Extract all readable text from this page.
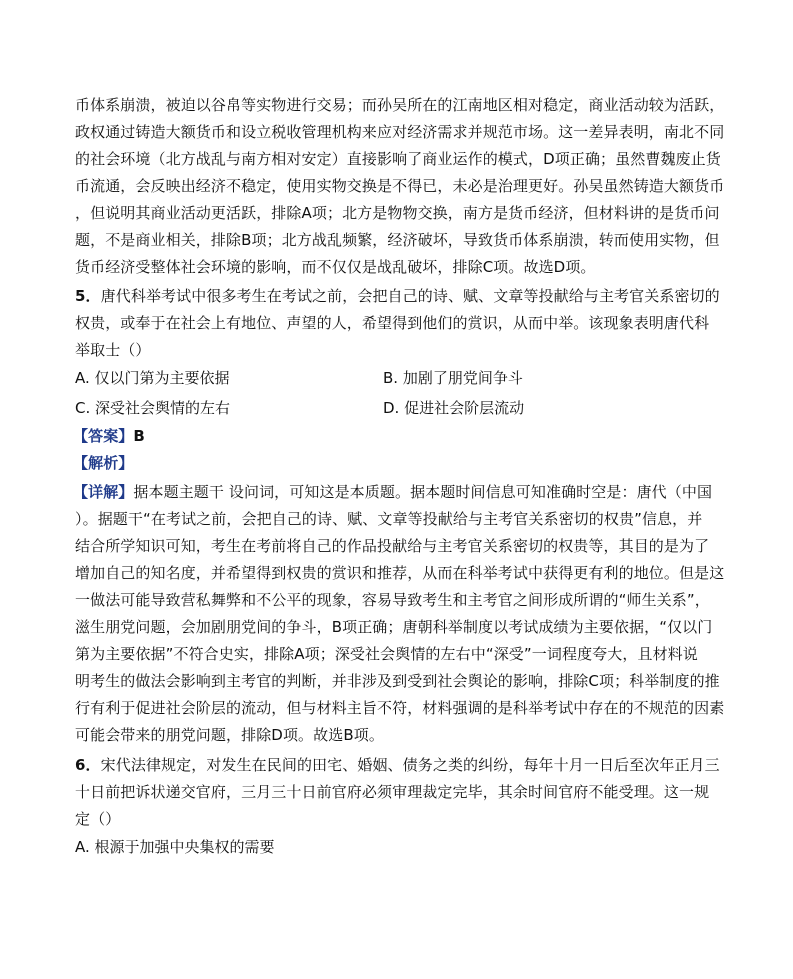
币体系崩溃，被迫以谷帛等实物进行交易；而孙吴所在的江南地区相对稳定，商业活动较为活跃，
政权通过铸造大额货币和设立税收管理机构来应对经济需求并规范市场。这一差异表明，南北不同
的社会环境（北方战乱与南方相对安定）直接影响了商业运作的模式，D项正确；虽然曹魏废止货
币流通，会反映出经济不稳定，使用实物交换是不得已，未必是治理更好。孙吴虽然铸造大额货币
，但说明其商业活动更活跃，排除A项；北方是物物交换，南方是货币经济，但材料讲的是货币问
题，不是商业相关，排除B项；北方战乱频繁，经济破坏，导致货币体系崩溃，转而使用实物，但
货币经济受整体社会环境的影响，而不仅仅是战乱破坏，排除C项。故选D项。
5．唐代科举考试中很多考生在考试之前，会把自己的诗、赋、文章等投献给与主考官关系密切的
权贵，或奉于在社会上有地位、声望的人，希望得到他们的赏识，从而中举。该现象表明唐代科
举取士（）
A. 仅以门第为主要依据	B. 加剧了朋党间争斗
C. 深受社会舆情的左右	D. 促进社会阶层流动
【答案】B
【解析】
【详解】据本题主题干 设问词，可知这是本质题。据本题时间信息可知准确时空是：唐代（中国
）。据题干“在考试之前，会把自己的诗、赋、文章等投献给与主考官关系密切的权贵”信息，并
结合所学知识可知，考生在考前将自己的作品投献给与主考官关系密切的权贵等，其目的是为了
增加自己的知名度，并希望得到权贵的赏识和推荐，从而在科举考试中获得更有利的地位。但是这
一做法可能导致营私舞弊和不公平的现象，容易导致考生和主考官之间形成所谓的“师生关系”，
滋生朋党问题，会加剧朋党间的争斗，B项正确；唐朝科举制度以考试成绩为主要依据，“仅以门
第为主要依据”不符合史实，排除A项；深受社会舆情的左右中“深受”一词程度夸大，且材料说
明考生的做法会影响到主考官的判断，并非涉及到受到社会舆论的影响，排除C项；科举制度的推
行有利于促进社会阶层的流动，但与材料主旨不符，材料强调的是科举考试中存在的不规范的因素
可能会带来的朋党问题，排除D项。故选B项。
6．宋代法律规定，对发生在民间的田宅、婚姻、债务之类的纠纷，每年十月一日后至次年正月三
十日前把诉状递交官府，三月三十日前官府必须审理裁定完毕，其余时间官府不能受理。这一规
定（）
A. 根源于加强中央集权的需要
